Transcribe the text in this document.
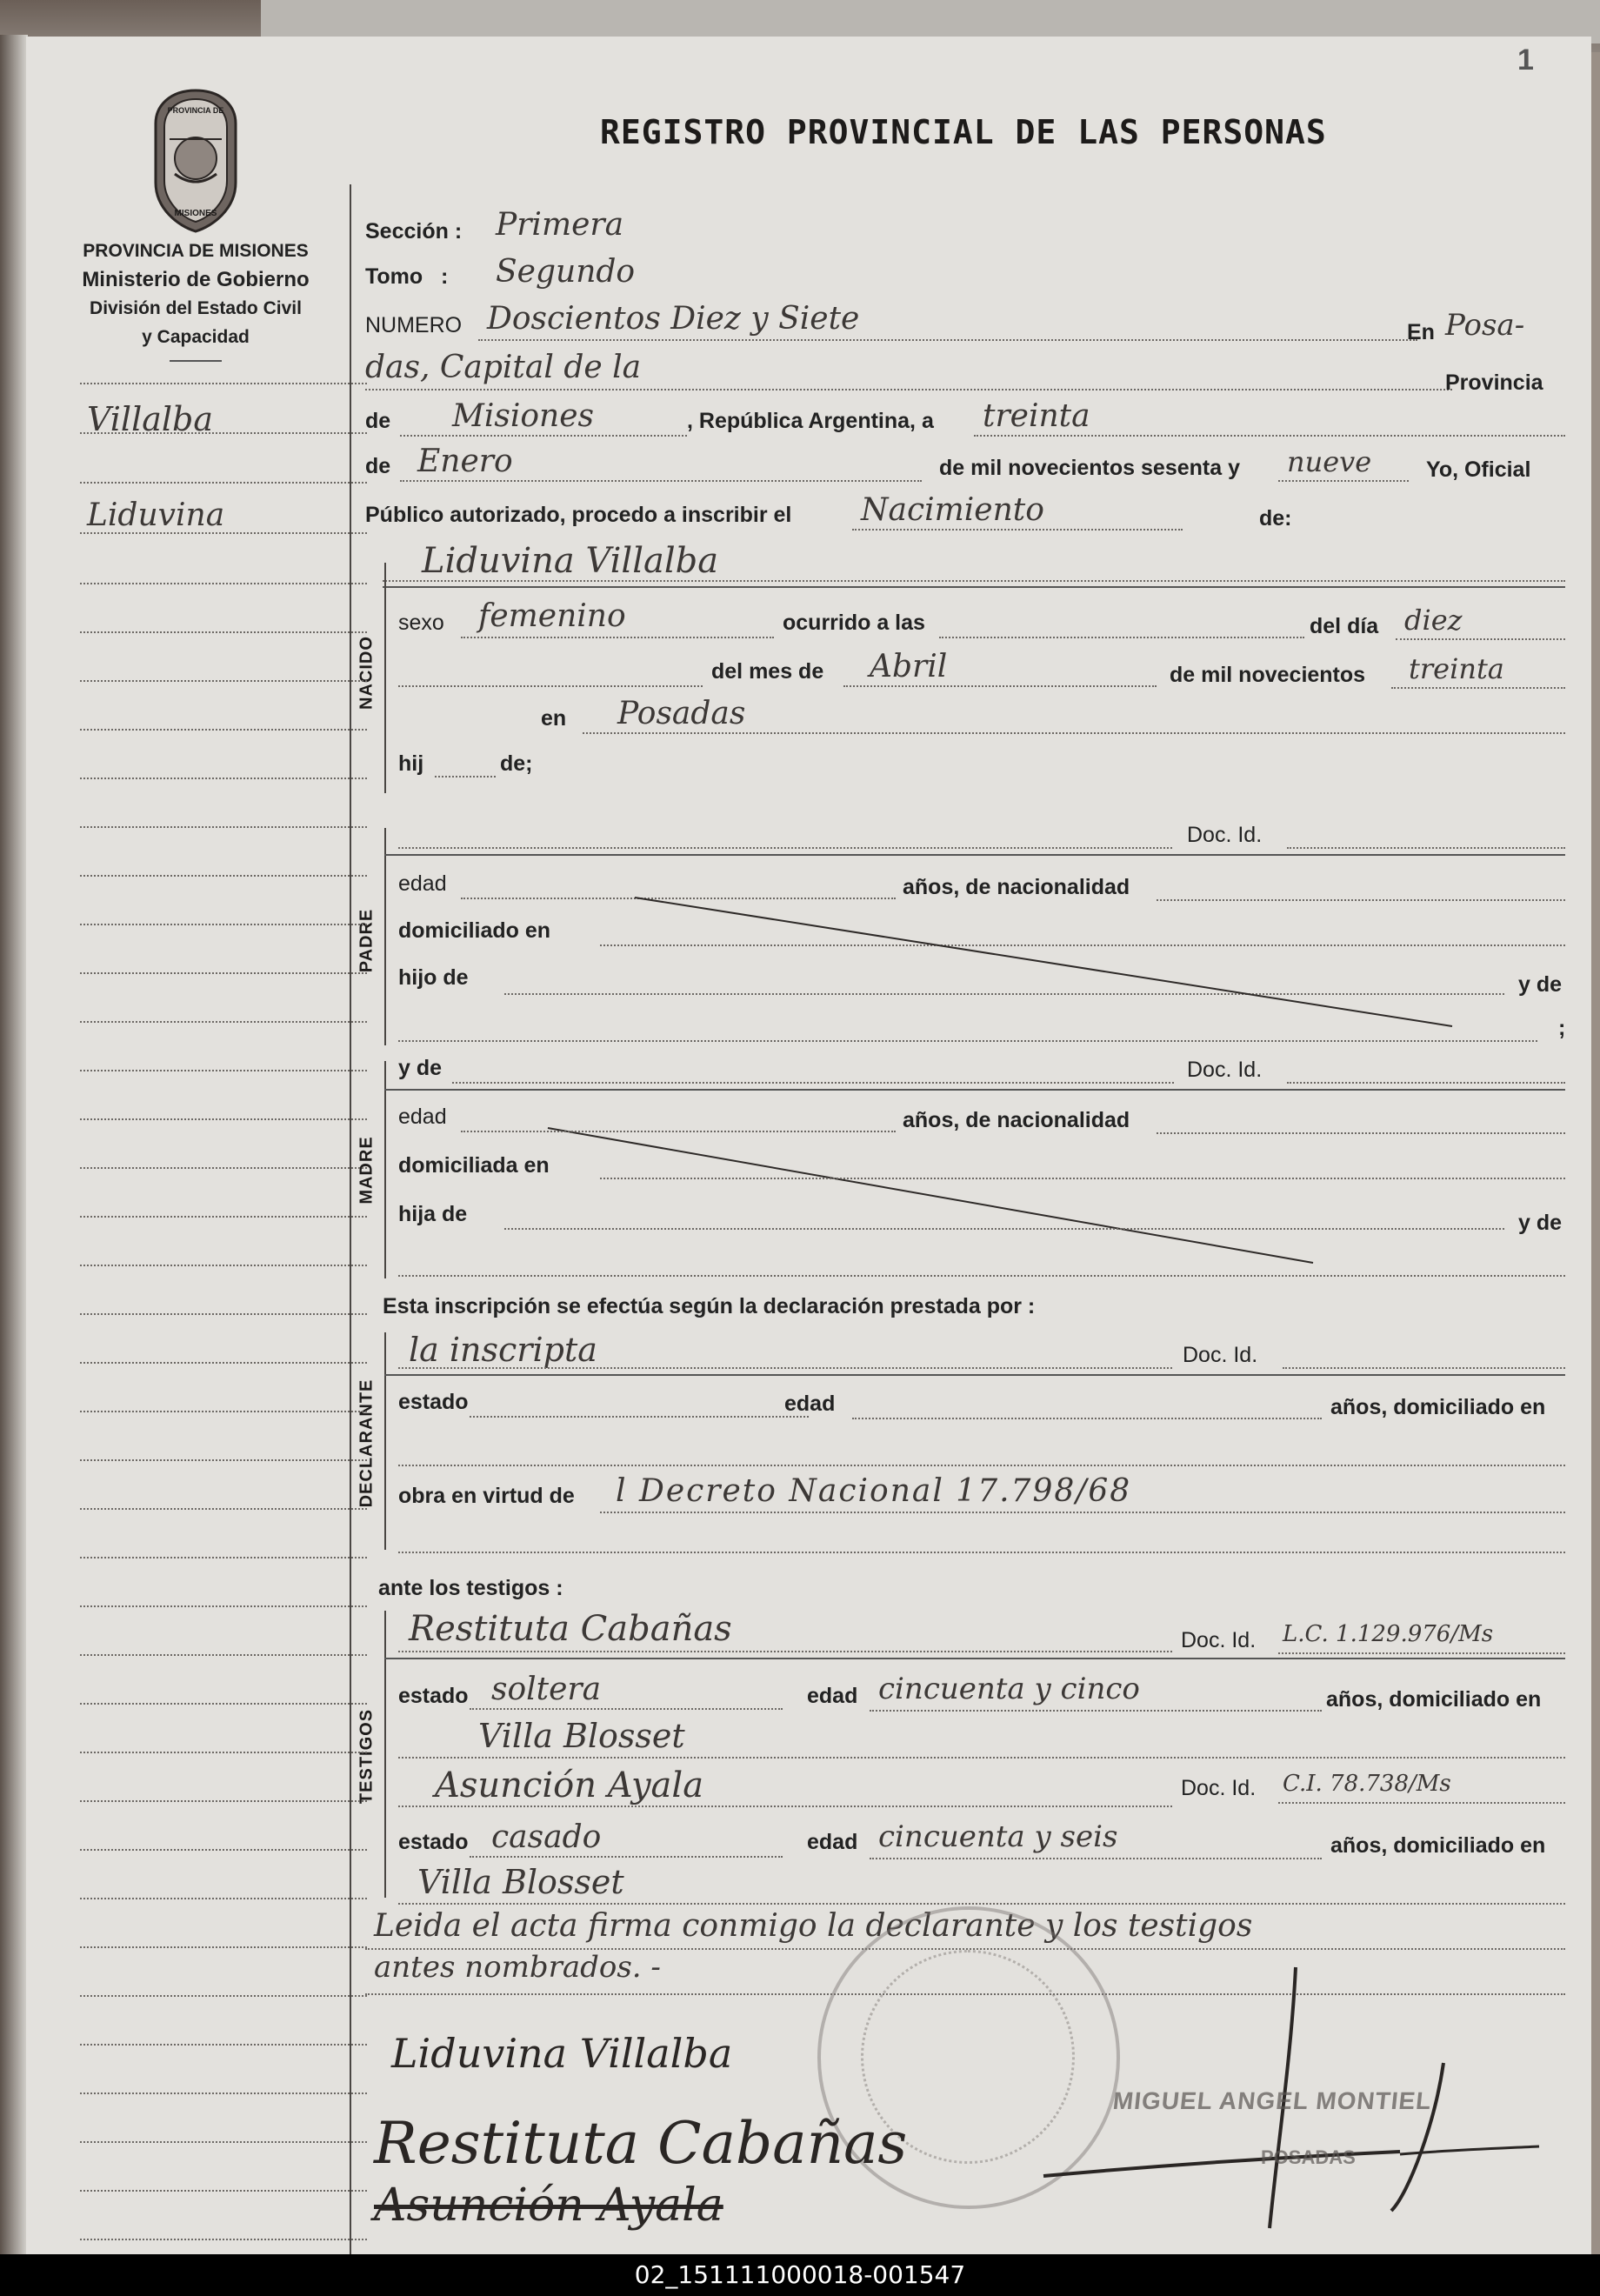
PROVINCIA DE
MISIONES
PROVINCIA DE MISIONES
Ministerio de Gobierno
División del Estado Civil
y Capacidad
REGISTRO PROVINCIAL DE LAS PERSONAS
1
Villalba
Liduvina
Sección : Primera
Tomo   : Segundo
NUMERO Doscientos Diez y Siete	En Posa-
das, Capital de la	Provincia
de Misiones	, República Argentina, a treinta
de Enero	de mil novecientos sesenta y nueve	Yo, Oficial
Público autorizado, procedo a inscribir el Nacimiento	de:
Liduvina Villalba
NACIDO
sexo femenino	ocurrido a las	del día diez
del mes de Abril	de mil novecientos treinta
en Posadas
hij	de;
PADRE
Doc. Id.
edad	años, de nacionalidad
domiciliado en
hijo de	y de
;
MADRE
y de	Doc. Id.
edad	años, de nacionalidad
domiciliada en
hija de	y de
Esta inscripción se efectúa según la declaración prestada por :
DECLARANTE
la inscripta	Doc. Id.
estado	edad	años, domiciliado en
obra en virtud de l Decreto Nacional 17.798/68
ante los testigos :
TESTIGOS
Restituta Cabañas	Doc. Id. L.C. 1.129.976/Ms
estado soltera	edad cincuenta y cinco	años, domiciliado en
Villa Blosset
Asunción Ayala	Doc. Id. C.I. 78.738/Ms
estado casado	edad cincuenta y seis	años, domiciliado en
Villa Blosset
Leida el acta firma conmigo la declarante y los testigos
antes nombrados. -
Liduvina Villalba
Restituta Cabañas
Asunción Ayala
MIGUEL ANGEL MONTIEL
POSADAS
02_151111000018-001547
